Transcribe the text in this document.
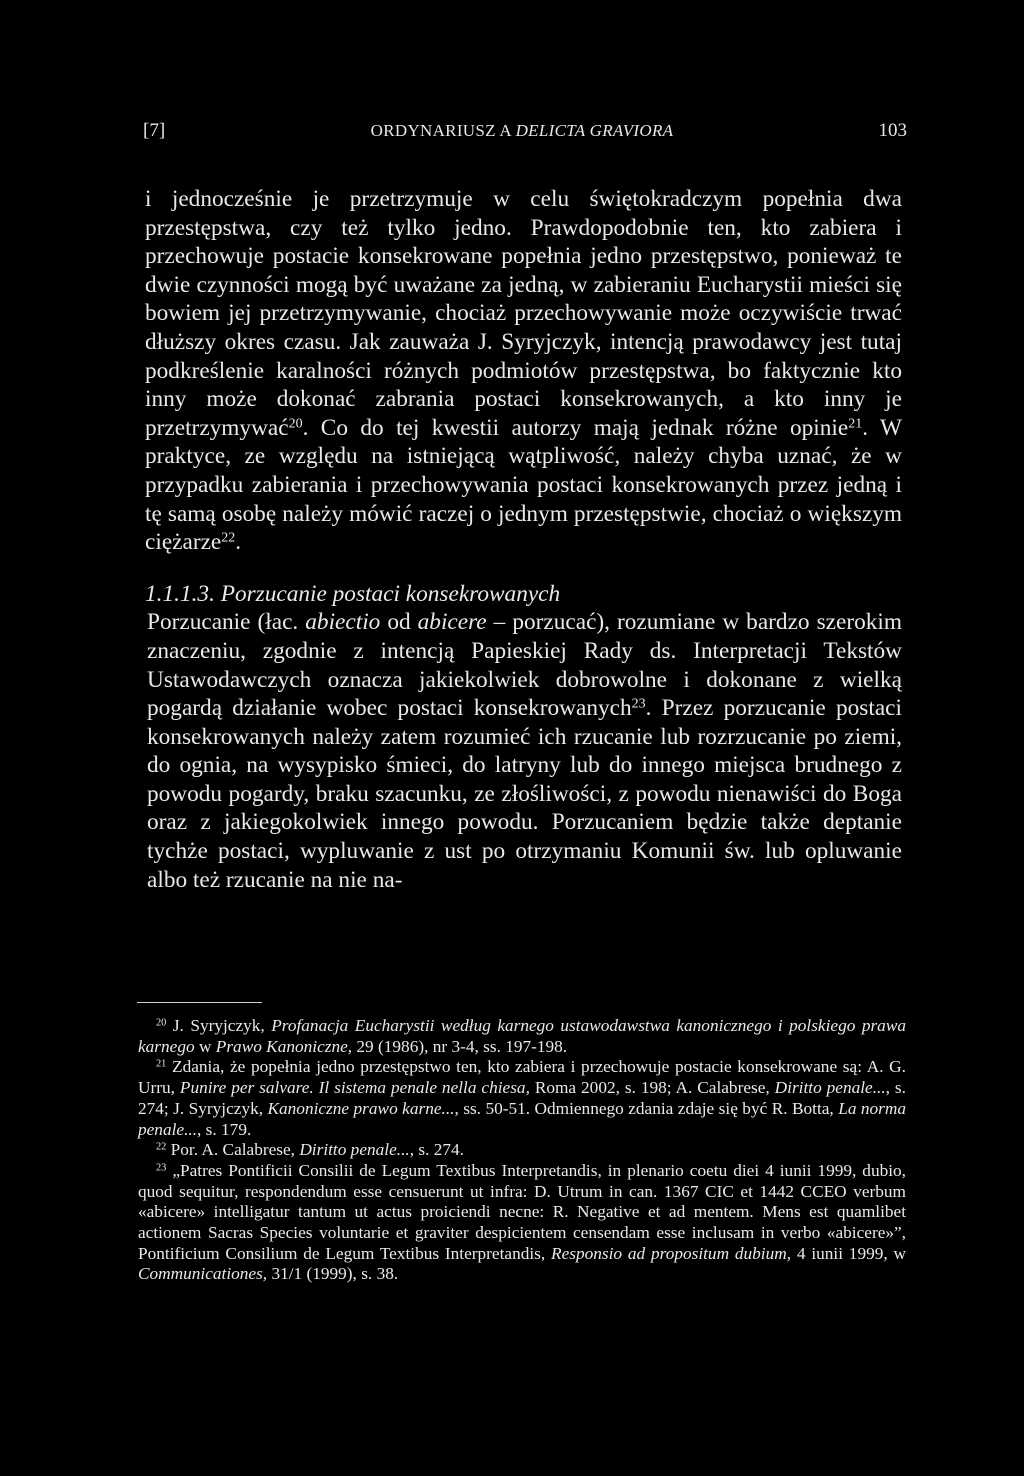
[7]	ORDYNARIUSZ A DELICTA GRAVIORA	103

i jednocześnie je przetrzymuje w celu świętokradczym popełnia dwa przestępstwa, czy też tylko jedno. Prawdopodobnie ten, kto zabiera i przechowuje postacie konsekrowane popełnia jedno przestępstwo, ponieważ te dwie czynności mogą być uważane za jedną, w zabieraniu Eucharystii mieści się bowiem jej przetrzymywanie, chociaż przechowywanie może oczywiście trwać dłuższy okres czasu. Jak zauważa J. Syryjczyk, intencją prawodawcy jest tutaj podkreślenie karalności różnych podmiotów przestępstwa, bo faktycznie kto inny może dokonać zabrania postaci konsekrowanych, a kto inny je przetrzymywać$^{20}$. Co do tej kwestii autorzy mają jednak różne opinie$^{21}$. W praktyce, ze względu na istniejącą wątpliwość, należy chyba uznać, że w przypadku zabierania i przechowywania postaci konsekrowanych przez jedną i tę samą osobę należy mówić raczej o jednym przestępstwie, chociaż o większym ciężarze$^{22}$.

1.1.1.3. Porzucanie postaci konsekrowanych

Porzucanie (łac. abiectio od abicere – porzucać), rozumiane w bardzo szerokim znaczeniu, zgodnie z intencją Papieskiej Rady ds. Interpretacji Tekstów Ustawodawczych oznacza jakiekolwiek dobrowolne i dokonane z wielką pogardą działanie wobec postaci konsekrowanych$^{23}$. Przez porzucanie postaci konsekrowanych należy zatem rozumieć ich rzucanie lub rozrzucanie po ziemi, do ognia, na wysypisko śmieci, do latryny lub do innego miejsca brudnego z powodu pogardy, braku szacunku, ze złośliwości, z powodu nienawiści do Boga oraz z jakiegokolwiek innego powodu. Porzucaniem będzie także deptanie tychże postaci, wypluwanie z ust po otrzymaniu Komunii św. lub opluwanie albo też rzucanie na nie na-

$^{20}$ J. Syryjczyk, Profanacja Eucharystii według karnego ustawodawstwa kanonicznego i polskiego prawa karnego w Prawo Kanoniczne, 29 (1986), nr 3-4, ss. 197-198.

$^{21}$ Zdania, że popełnia jedno przestępstwo ten, kto zabiera i przechowuje postacie konsekrowane są: A. G. Urru, Punire per salvare. Il sistema penale nella chiesa, Roma 2002, s. 198; A. Calabrese, Diritto penale..., s. 274; J. Syryjczyk, Kanoniczne prawo karne..., ss. 50-51. Odmiennego zdania zdaje się być R. Botta, La norma penale..., s. 179.

$^{22}$ Por. A. Calabrese, Diritto penale..., s. 274.

$^{23}$ „Patres Pontificii Consilii de Legum Textibus Interpretandis, in plenario coetu diei 4 iunii 1999, dubio, quod sequitur, respondendum esse censuerunt ut infra: D. Utrum in can. 1367 CIC et 1442 CCEO verbum «abicere» intelligatur tantum ut actus proiciendi necne: R. Negative et ad mentem. Mens est quamlibet actionem Sacras Species voluntarie et graviter despicientem censendam esse inclusam in verbo «abicere»”, Pontificium Consilium de Legum Textibus Interpretandis, Responsio ad propositum dubium, 4 iunii 1999, w Communicationes, 31/1 (1999), s. 38.
